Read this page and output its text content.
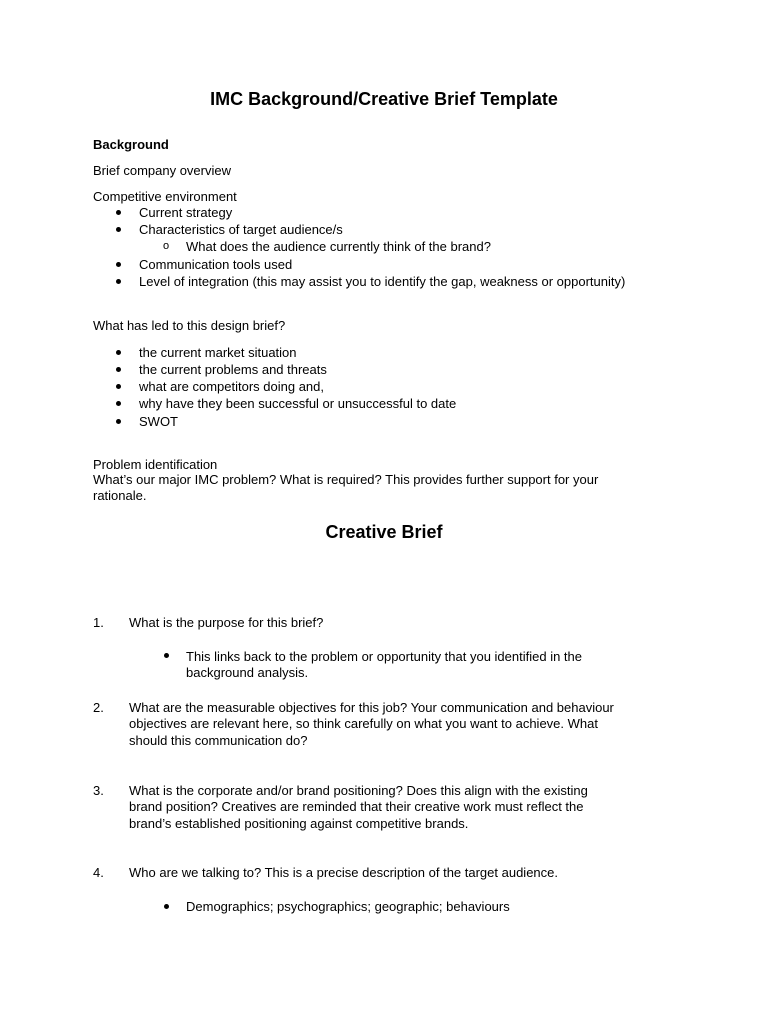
IMC Background/Creative Brief Template
Background
Brief company overview
Competitive environment
Current strategy
Characteristics of target audience/s
o What does the audience currently think of the brand?
Communication tools used
Level of integration (this may assist you to identify the gap, weakness or opportunity)
What has led to this design brief?
the current market situation
the current problems and threats
what are competitors doing and,
why have they been successful or unsuccessful to date
SWOT
Problem identification
What’s our major IMC problem? What is required? This provides further support for your
rationale.
Creative Brief
1. What is the purpose for this brief?
This links back to the problem or opportunity that you identified in the
background analysis.
2. What are the measurable objectives for this job? Your communication and behaviour
objectives are relevant here, so think carefully on what you want to achieve. What
should this communication do?
3. What is the corporate and/or brand positioning? Does this align with the existing
brand position? Creatives are reminded that their creative work must reflect the
brand’s established positioning against competitive brands.
4. Who are we talking to? This is a precise description of the target audience.
Demographics; psychographics; geographic; behaviours
